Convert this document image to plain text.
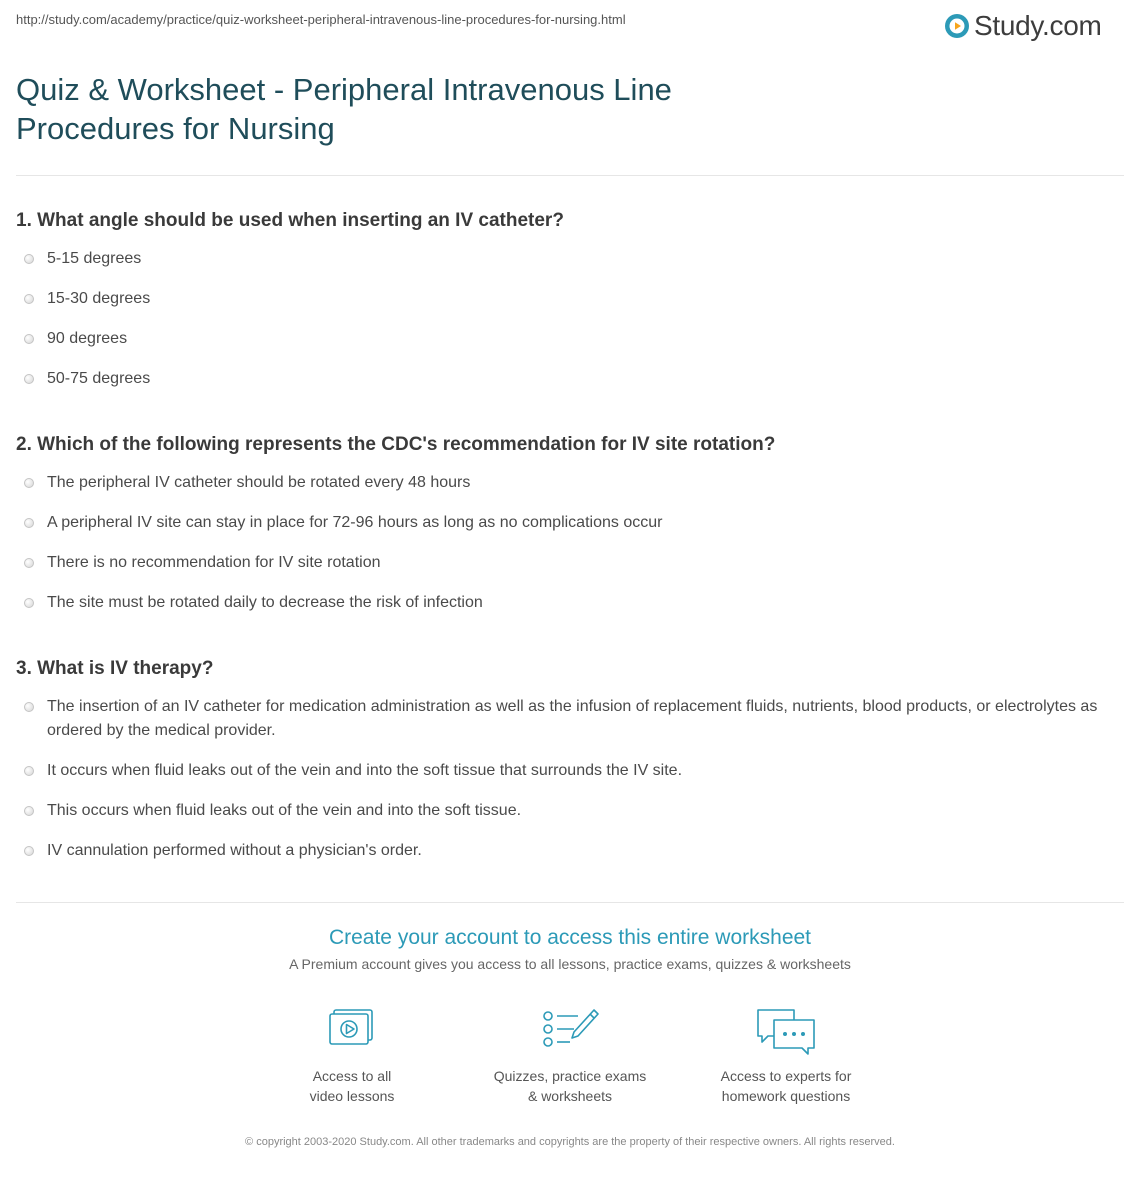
http://study.com/academy/practice/quiz-worksheet-peripheral-intravenous-line-procedures-for-nursing.html	Study.com
Quiz & Worksheet - Peripheral Intravenous Line Procedures for Nursing
1. What angle should be used when inserting an IV catheter?
5-15 degrees
15-30 degrees
90 degrees
50-75 degrees
2. Which of the following represents the CDC's recommendation for IV site rotation?
The peripheral IV catheter should be rotated every 48 hours
A peripheral IV site can stay in place for 72-96 hours as long as no complications occur
There is no recommendation for IV site rotation
The site must be rotated daily to decrease the risk of infection
3. What is IV therapy?
The insertion of an IV catheter for medication administration as well as the infusion of replacement fluids, nutrients, blood products, or electrolytes as ordered by the medical provider.
It occurs when fluid leaks out of the vein and into the soft tissue that surrounds the IV site.
This occurs when fluid leaks out of the vein and into the soft tissue.
IV cannulation performed without a physician's order.

Create your account to access this entire worksheet

A Premium account gives you access to all lessons, practice exams, quizzes & worksheets
Access to all
video lessons
Quizzes, practice exams
& worksheets
Access to experts for
homework questions
© copyright 2003-2020 Study.com. All other trademarks and copyrights are the property of their respective owners. All rights reserved.
